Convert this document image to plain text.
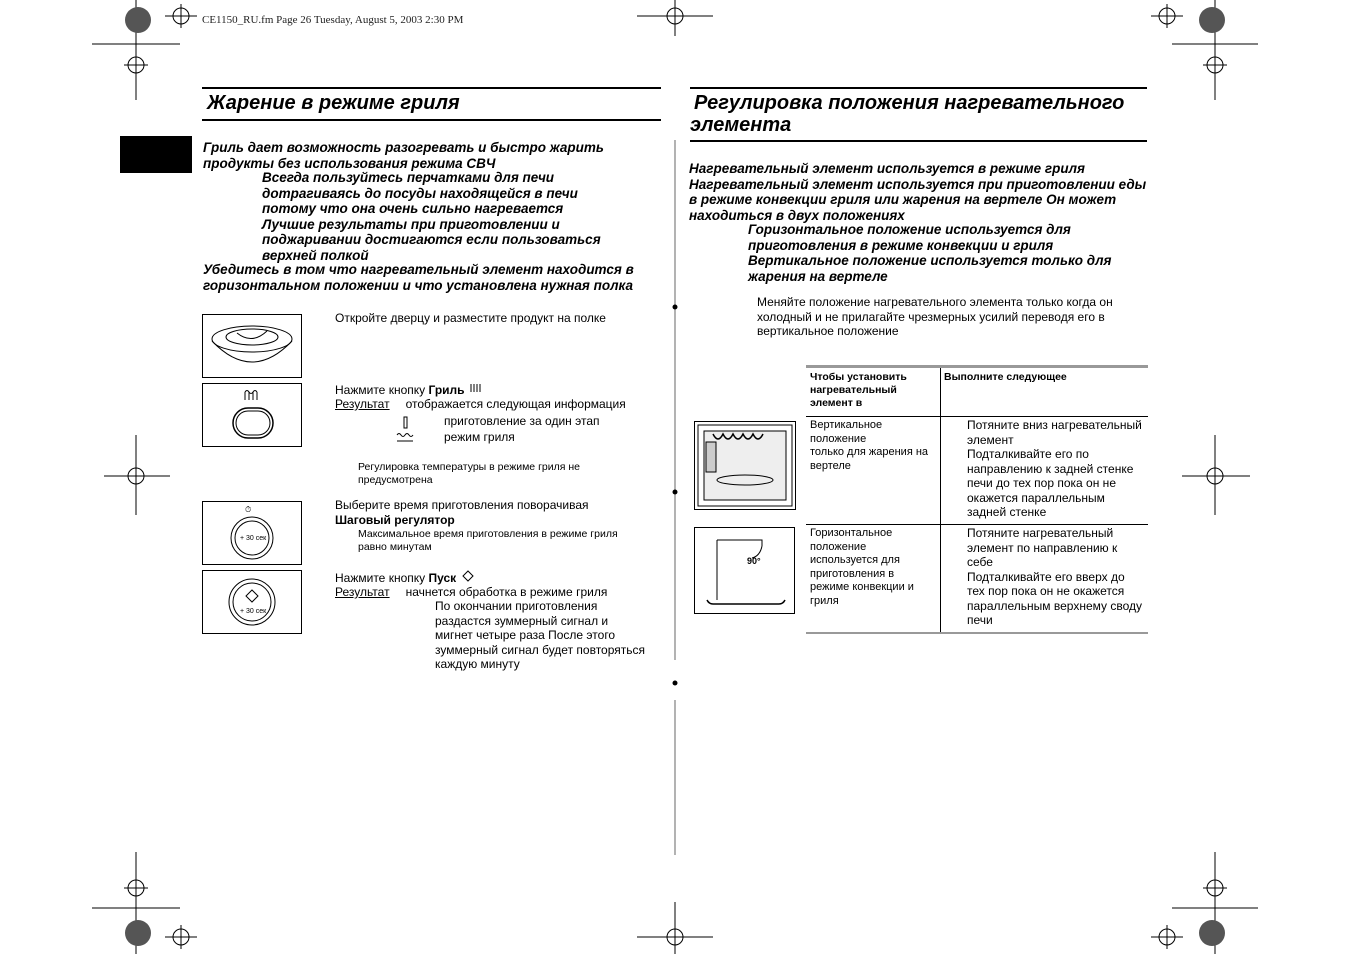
CE1150_RU.fm Page 26 Tuesday, August 5, 2003 2:30 PM
Жарение в режиме гриля
Гриль дает возможность разогревать и быстро жарить
продукты без использования режима СВЧ
Всегда пользуйтесь перчатками для печи
дотрагиваясь до посуды находящейся в печи
потому что она очень сильно нагревается
Лучшие результаты при приготовлении и
поджаривании достигаются если пользоваться
верхней полкой
Убедитесь в том что нагревательный элемент находится в
горизонтальном положении и что установлена нужная полка
+ 30 сек
⏱
+ 30 сек
Откройте дверцу и разместите продукт на полке
Нажмите кнопку Гриль
Результат отображается следующая информация
приготовление за один этап
режим гриля
Регулировка температуры в режиме гриля не
предусмотрена
Выберите время приготовления поворачивая
Шаговый регулятор
Максимальное время приготовления в режиме гриля
равно минутам
Нажмите кнопку Пуск
Результат начнется обработка в режиме гриля
По окончании приготовления
раздастся зуммерный сигнал и
мигнет четыре раза После этого
зуммерный сигнал будет повторяться
каждую минуту
Регулировка положения нагревательного
элемента
Нагревательный элемент используется в режиме гриля
Нагревательный элемент используется при приготовлении еды
в режиме конвекции гриля или жарения на вертеле Он может
находиться в двух положениях
Горизонтальное положение используется для
приготовления в режиме конвекции и гриля
Вертикальное положение используется только для
жарения на вертеле
Меняйте положение нагревательного элемента только когда он
холодный и не прилагайте чрезмерных усилий переводя его в
вертикальное положение
Чтобы установить
нагревательный
элемент в
Выполните следующее
Вертикальное
положение
только для жарения на
вертеле
Потяните вниз нагревательный
элемент
Подталкивайте его по
направлению к задней стенке
печи до тех пор пока он не
окажется параллельным
задней стенке
Горизонтальное
положение
используется для
приготовления в
режиме конвекции и
гриля
Потяните нагревательный
элемент по направлению к
себе
Подталкивайте его вверх до
тех пор пока он не окажется
параллельным верхнему своду
печи
90°
